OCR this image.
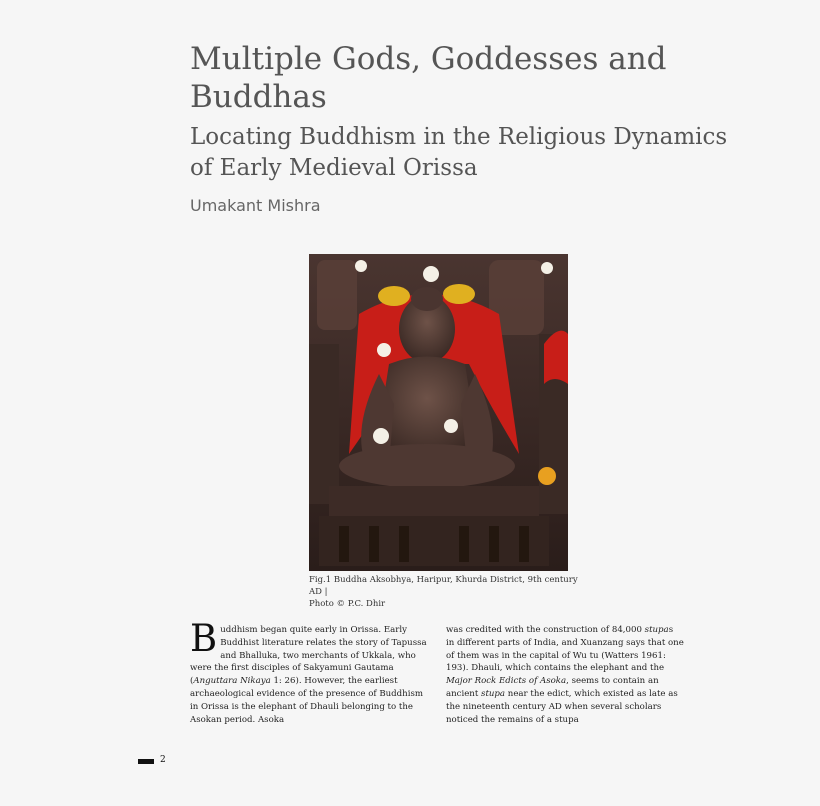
Multiple Gods, Goddesses and Buddhas
Locating Buddhism in the Religious Dynamics of Early Medieval Orissa
Umakant Mishra
Fig.1 Buddha Aksobhya, Haripur, Khurda District, 9th century AD |
Photo © P.C. Dhir

Buddhism began quite early in Orissa. Early Buddhist literature relates the story of Tapussa and Bhalluka, two merchants of Ukkala, who were the first disciples of Sakyamuni Gautama (Anguttara Nikaya 1: 26). However, the earliest archaeological evidence of the presence of Buddhism in Orissa is the elephant of Dhauli belonging to the Asokan period. Asoka

was credited with the construction of 84,000 stupas in different parts of India, and Xuanzang says that one of them was in the capital of Wu tu (Watters 1961: 193). Dhauli, which contains the elephant and the Major Rock Edicts of Asoka, seems to contain an ancient stupa near the edict, which existed as late as the nineteenth century AD when several scholars noticed the remains of a stupa

2
